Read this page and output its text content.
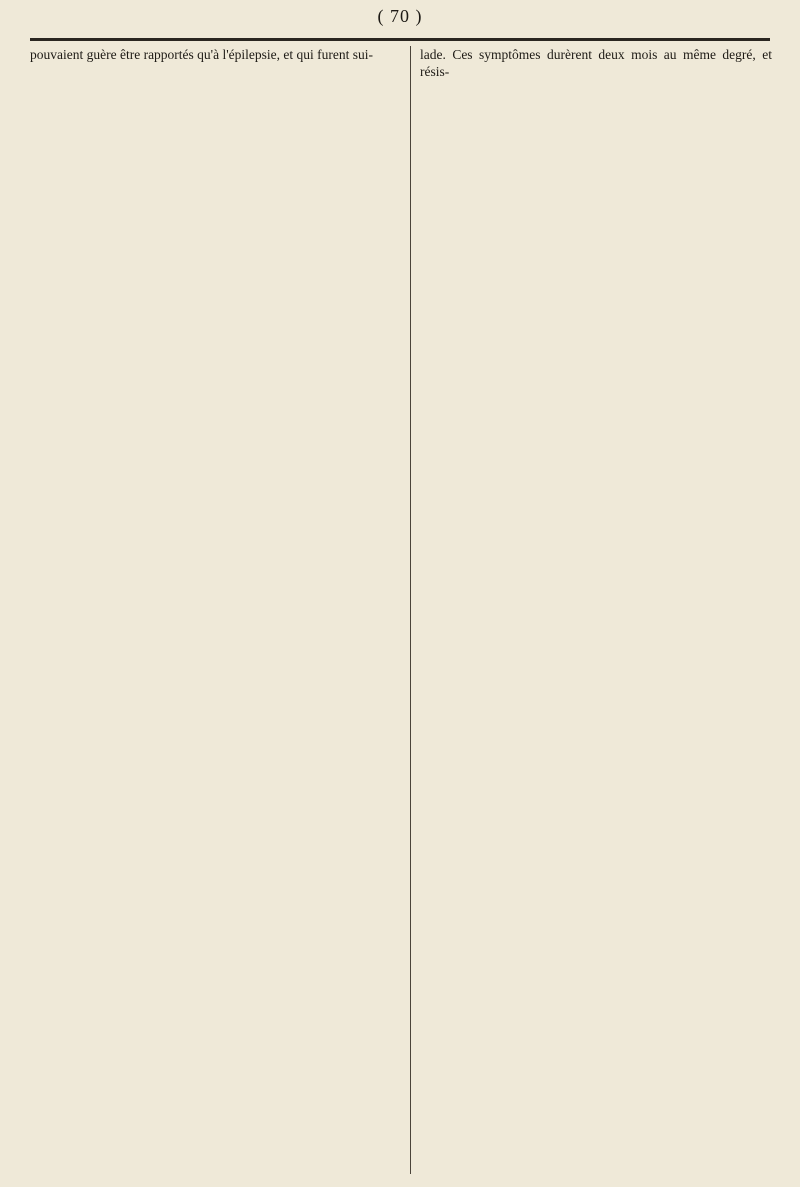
( 70 )

pouvaient guère être rapportés qu'à l'épilepsie, et qui furent sui-	lade. Ces symptômes durèrent deux mois au même degré, et résis-
